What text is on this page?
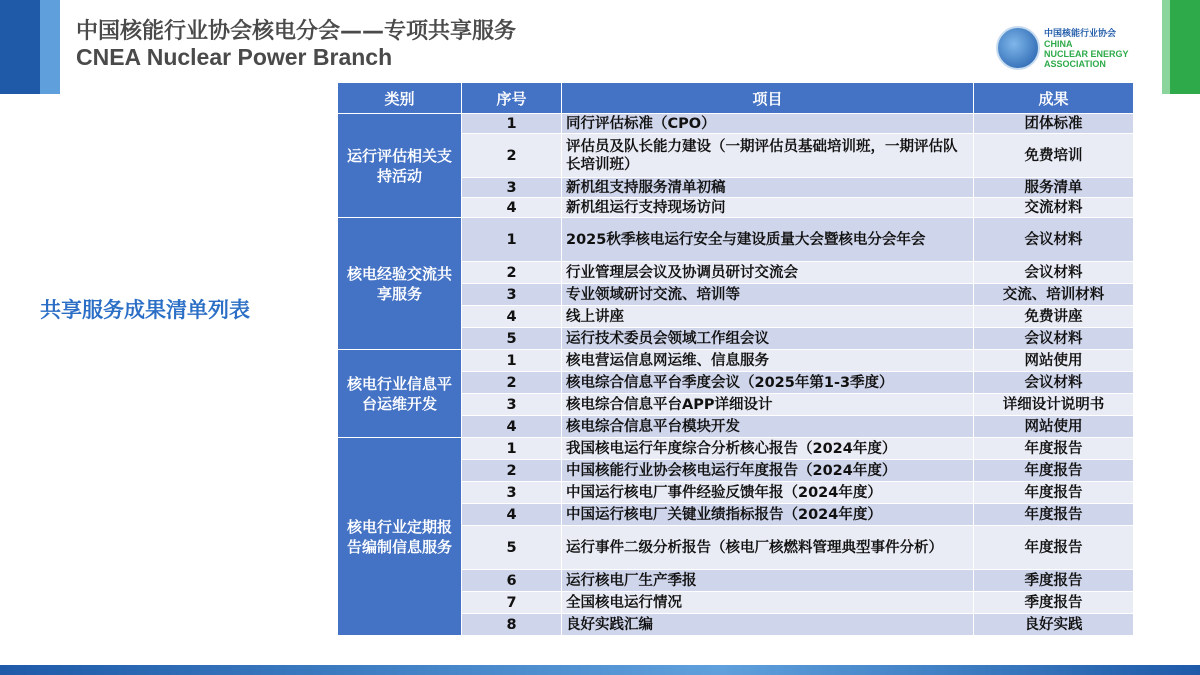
中国核能行业协会核电分会——专项共享服务
CNEA Nuclear Power Branch
中国核能行业协会
CHINA
NUCLEAR ENERGY
ASSOCIATION
共享服务成果清单列表
类别	序号	项目	成果
运行评估相关支持活动	1	同行评估标准（CPO）	团体标准
	2	评估员及队长能力建设（一期评估员基础培训班，一期评估队长培训班）	免费培训
	3	新机组支持服务清单初稿	服务清单
	4	新机组运行支持现场访问	交流材料
核电经验交流共享服务	1	2025秋季核电运行安全与建设质量大会暨核电分会年会	会议材料
	2	行业管理层会议及协调员研讨交流会	会议材料
	3	专业领域研讨交流、培训等	交流、培训材料
	4	线上讲座	免费讲座
	5	运行技术委员会领域工作组会议	会议材料
核电行业信息平台运维开发	1	核电营运信息网运维、信息服务	网站使用
	2	核电综合信息平台季度会议（2025年第1-3季度）	会议材料
	3	核电综合信息平台APP详细设计	详细设计说明书
	4	核电综合信息平台模块开发	网站使用
核电行业定期报告编制信息服务	1	我国核电运行年度综合分析核心报告（2024年度）	年度报告
	2	中国核能行业协会核电运行年度报告（2024年度）	年度报告
	3	中国运行核电厂事件经验反馈年报（2024年度）	年度报告
	4	中国运行核电厂关键业绩指标报告（2024年度）	年度报告
	5	运行事件二级分析报告（核电厂核燃料管理典型事件分析）	年度报告
	6	运行核电厂生产季报	季度报告
	7	全国核电运行情况	季度报告
	8	良好实践汇编	良好实践
